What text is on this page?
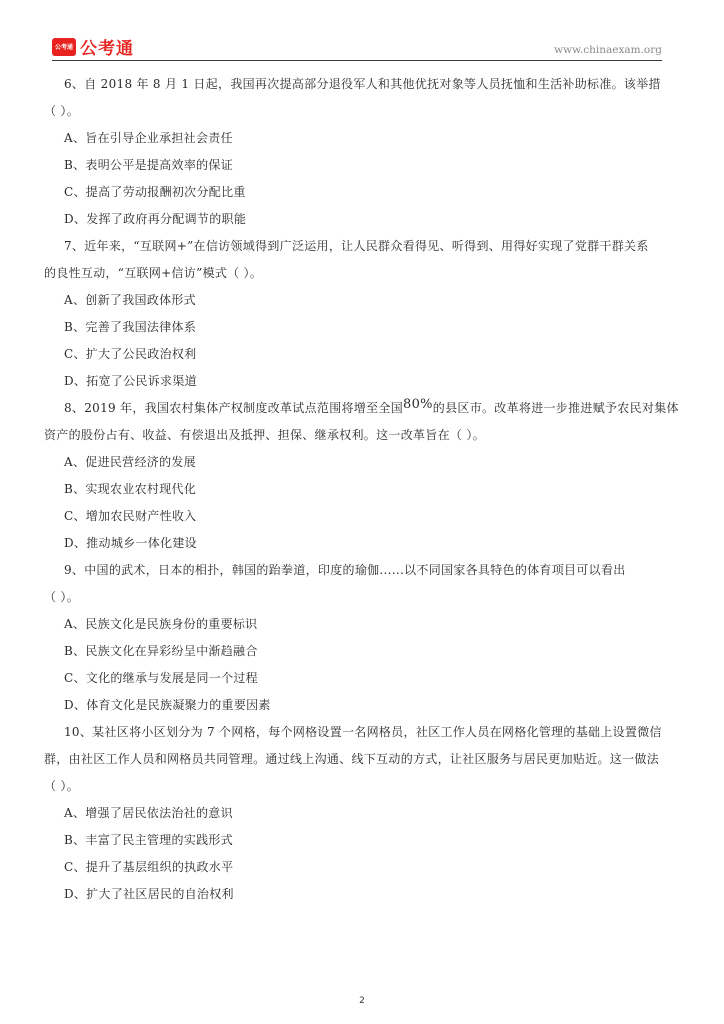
公考通 公考通	www.chinaexam.org
6、自 2018 年 8 月 1 日起，我国再次提高部分退役军人和其他优抚对象等人员抚恤和生活补助标准。该举措
（ ）。
A、旨在引导企业承担社会责任
B、表明公平是提高效率的保证
C、提高了劳动报酬初次分配比重
D、发挥了政府再分配调节的职能
7、近年来，“互联网+”在信访领域得到广泛运用，让人民群众看得见、听得到、用得好实现了党群干群关系
的良性互动，“互联网+信访”模式（ ）。
A、创新了我国政体形式
B、完善了我国法律体系
C、扩大了公民政治权利
D、拓宽了公民诉求渠道
8、2019 年，我国农村集体产权制度改革试点范围将增至全国80%的县区市。改革将进一步推进赋予农民对集体
资产的股份占有、收益、有偿退出及抵押、担保、继承权利。这一改革旨在（ ）。
A、促进民营经济的发展
B、实现农业农村现代化
C、增加农民财产性收入
D、推动城乡一体化建设
9、中国的武术，日本的相扑，韩国的跆拳道，印度的瑜伽......以不同国家各具特色的体育项目可以看出
（ ）。
A、民族文化是民族身份的重要标识
B、民族文化在异彩纷呈中渐趋融合
C、文化的继承与发展是同一个过程
D、体育文化是民族凝聚力的重要因素
10、某社区将小区划分为 7 个网格，每个网格设置一名网格员，社区工作人员在网格化管理的基础上设置微信
群，由社区工作人员和网格员共同管理。通过线上沟通、线下互动的方式，让社区服务与居民更加贴近。这一做法
（ ）。
A、增强了居民依法治社的意识
B、丰富了民主管理的实践形式
C、提升了基层组织的执政水平
D、扩大了社区居民的自治权利
2
